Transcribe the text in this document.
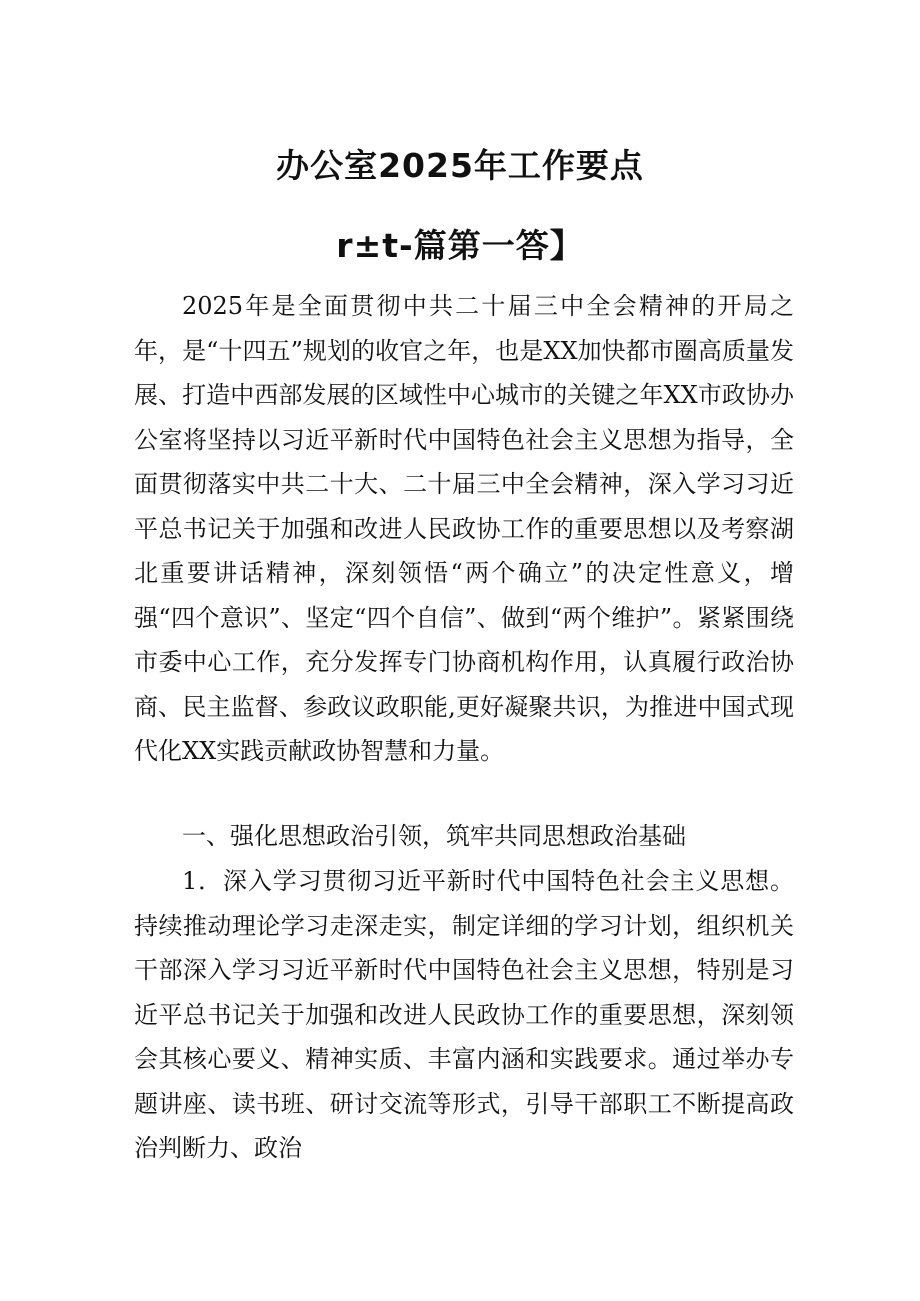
办公室2025年工作要点
r±t-篇第一答】

2025年是全面贯彻中共二十届三中全会精神的开局之年，是“十四五”规划的收官之年，也是XX加快都市圈高质量发展、打造中西部发展的区域性中心城市的关键之年XX市政协办公室将坚持以习近平新时代中国特色社会主义思想为指导，全面贯彻落实中共二十大、二十届三中全会精神，深入学习习近平总书记关于加强和改进人民政协工作的重要思想以及考察湖北重要讲话精神，深刻领悟“两个确立”的决定性意义，增强“四个意识”、坚定“四个自信”、做到“两个维护”。紧紧围绕市委中心工作，充分发挥专门协商机构作用，认真履行政治协商、民主监督、参政议政职能,更好凝聚共识，为推进中国式现代化XX实践贡献政协智慧和力量。

一、强化思想政治引领，筑牢共同思想政治基础

1．深入学习贯彻习近平新时代中国特色社会主义思想。持续推动理论学习走深走实，制定详细的学习计划，组织机关干部深入学习习近平新时代中国特色社会主义思想，特别是习近平总书记关于加强和改进人民政协工作的重要思想，深刻领会其核心要义、精神实质、丰富内涵和实践要求。通过举办专题讲座、读书班、研讨交流等形式，引导干部职工不断提高政治判断力、政治
